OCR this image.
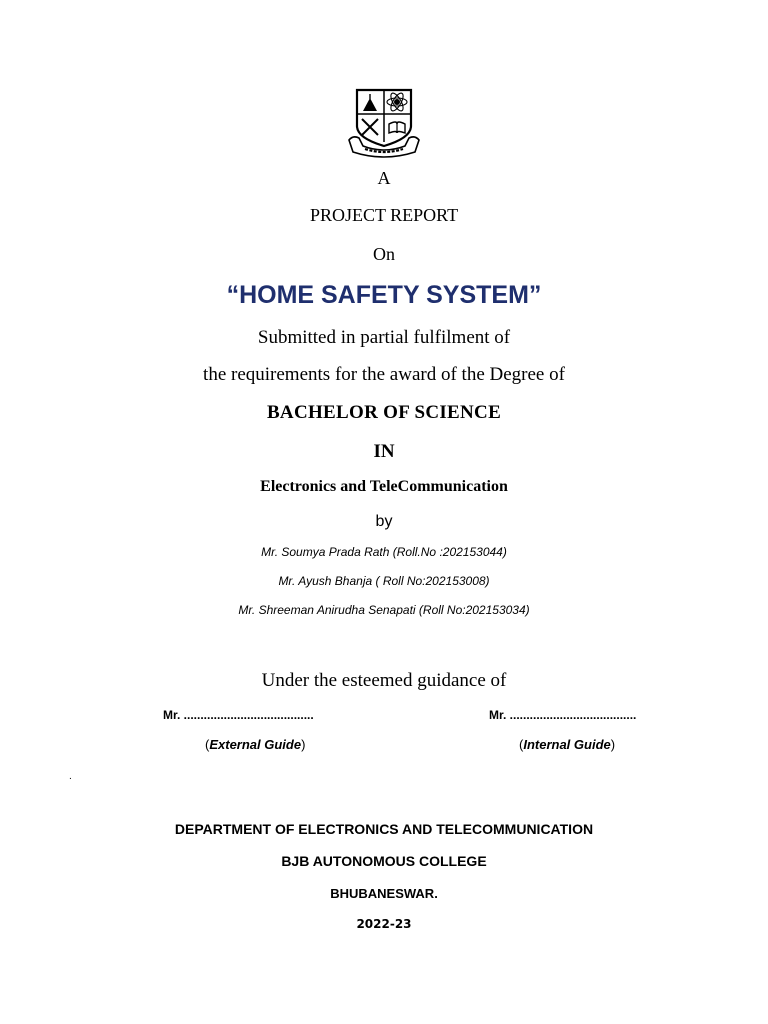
A
PROJECT REPORT
On
“HOME SAFETY SYSTEM”
Submitted in partial fulfilment of
the requirements for the award of the Degree of
BACHELOR OF SCIENCE
IN
Electronics and TeleCommunication
by
Mr. Soumya Prada Rath (Roll.No :202153044)
Mr. Ayush Bhanja ( Roll No:202153008)
Mr. Shreeman Anirudha Senapati (Roll No:202153034)
Under the esteemed guidance of
Mr. .......................................	Mr. ......................................
(External Guide)	(Internal Guide)
.
DEPARTMENT OF ELECTRONICS AND TELECOMMUNICATION
BJB AUTONOMOUS COLLEGE
BHUBANESWAR.
2022-23
